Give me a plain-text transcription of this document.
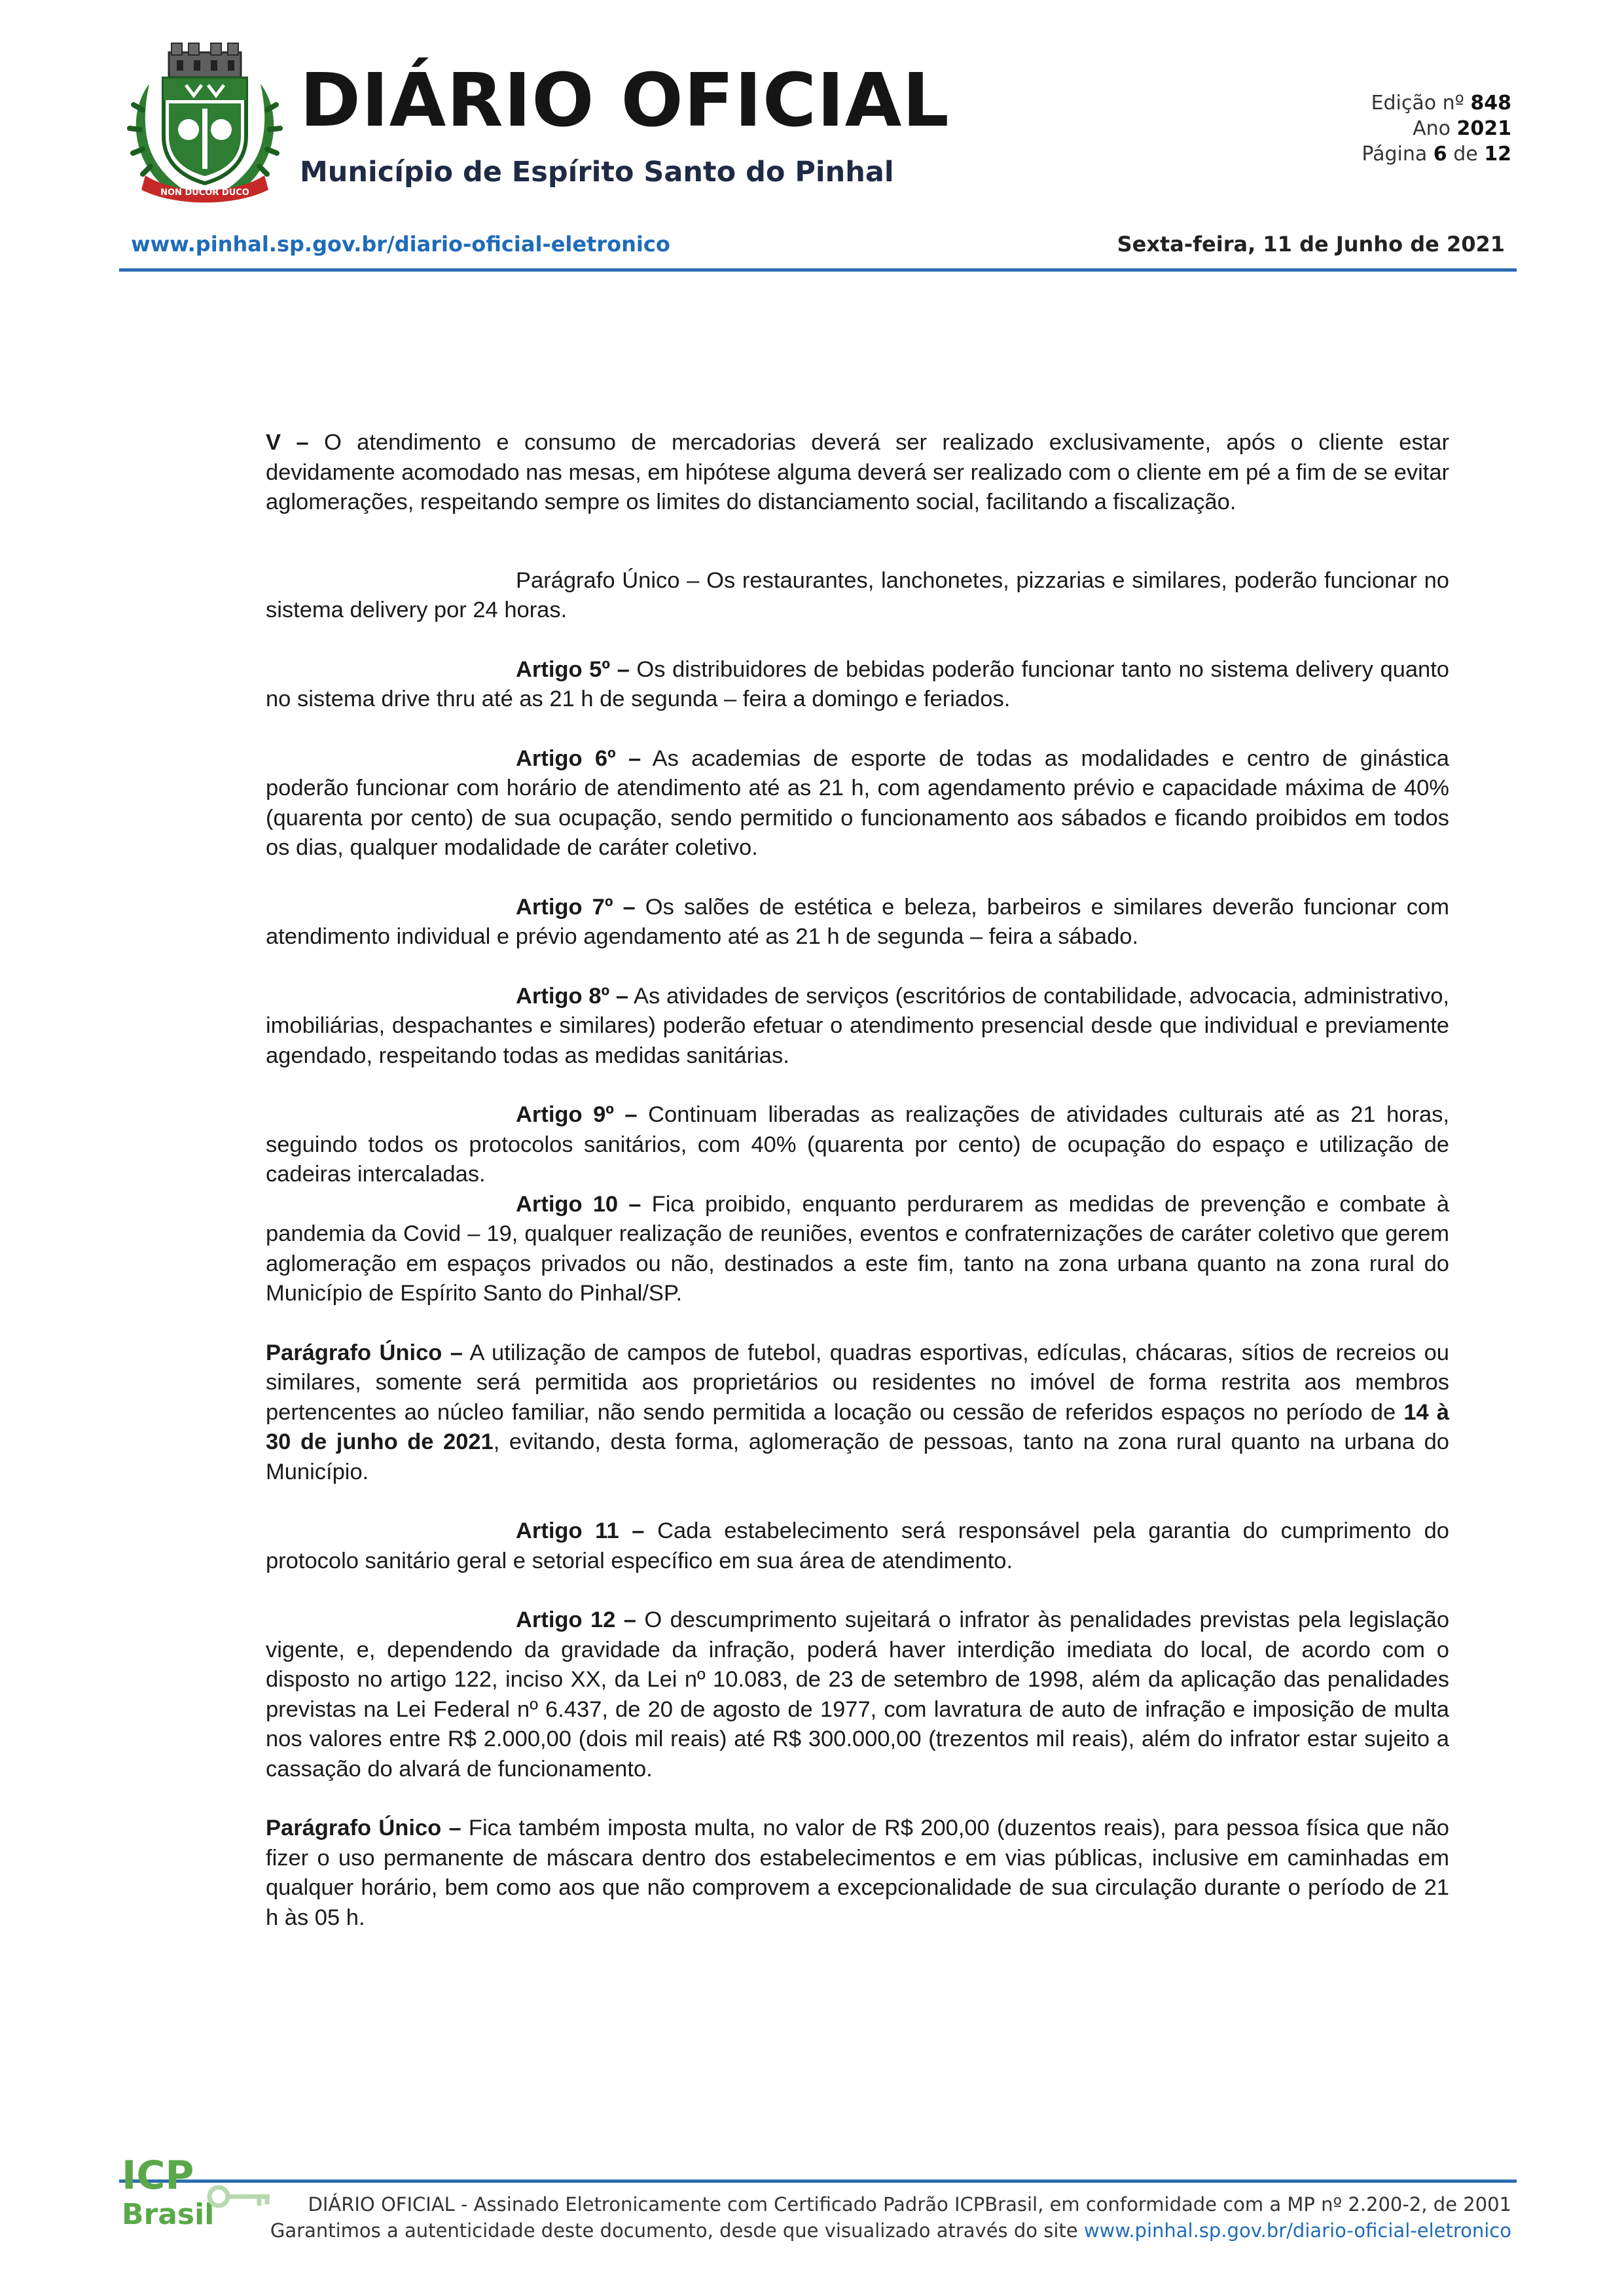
NON DUCOR DUCO
DIÁRIO OFICIAL
Município de Espírito Santo do Pinhal
Edição nº 848
Ano 2021
Página 6 de 12
www.pinhal.sp.gov.br/diario-oficial-eletronico	Sexta-feira, 11 de Junho de 2021

V – O atendimento e consumo de mercadorias deverá ser realizado exclusivamente, após o cliente estar devidamente acomodado nas mesas, em hipótese alguma deverá ser realizado com o cliente em pé a fim de se evitar aglomerações, respeitando sempre os limites do distanciamento social, facilitando a fiscalização.

Parágrafo Único – Os restaurantes, lanchonetes, pizzarias e similares, poderão funcionar no sistema delivery por 24 horas.

Artigo 5º – Os distribuidores de bebidas poderão funcionar tanto no sistema delivery quanto no sistema drive thru até as 21 h de segunda – feira a domingo e feriados.

Artigo 6º – As academias de esporte de todas as modalidades e centro de ginástica poderão funcionar com horário de atendimento até as 21 h, com agendamento prévio e capacidade máxima de 40% (quarenta por cento) de sua ocupação, sendo permitido o funcionamento aos sábados e ficando proibidos em todos os dias, qualquer modalidade de caráter coletivo.

Artigo 7º – Os salões de estética e beleza, barbeiros e similares deverão funcionar com atendimento individual e prévio agendamento até as 21 h de segunda – feira a sábado.

Artigo 8º – As atividades de serviços (escritórios de contabilidade, advocacia, administrativo, imobiliárias, despachantes e similares) poderão efetuar o atendimento presencial desde que individual e previamente agendado, respeitando todas as medidas sanitárias.

Artigo 9º – Continuam liberadas as realizações de atividades culturais até as 21 horas, seguindo todos os protocolos sanitários, com 40% (quarenta por cento) de ocupação do espaço e utilização de cadeiras intercaladas.

Artigo 10 – Fica proibido, enquanto perdurarem as medidas de prevenção e combate à pandemia da Covid – 19, qualquer realização de reuniões, eventos e confraternizações de caráter coletivo que gerem aglomeração em espaços privados ou não, destinados a este fim, tanto na zona urbana quanto na zona rural do Município de Espírito Santo do Pinhal/SP.

Parágrafo Único – A utilização de campos de futebol, quadras esportivas, edículas, chácaras, sítios de recreios ou similares, somente será permitida aos proprietários ou residentes no imóvel de forma restrita aos membros pertencentes ao núcleo familiar, não sendo permitida a locação ou cessão de referidos espaços no período de 14 à 30 de junho de 2021, evitando, desta forma, aglomeração de pessoas, tanto na zona rural quanto na urbana do Município.

Artigo 11 – Cada estabelecimento será responsável pela garantia do cumprimento do protocolo sanitário geral e setorial específico em sua área de atendimento.

Artigo 12 – O descumprimento sujeitará o infrator às penalidades previstas pela legislação vigente, e, dependendo da gravidade da infração, poderá haver interdição imediata do local, de acordo com o disposto no artigo 122, inciso XX, da Lei nº 10.083, de 23 de setembro de 1998, além da aplicação das penalidades previstas na Lei Federal nº 6.437, de 20 de agosto de 1977, com lavratura de auto de infração e imposição de multa nos valores entre R$ 2.000,00 (dois mil reais) até R$ 300.000,00 (trezentos mil reais), além do infrator estar sujeito a cassação do alvará de funcionamento.

Parágrafo Único – Fica também imposta multa, no valor de R$ 200,00 (duzentos reais), para pessoa física que não fizer o uso permanente de máscara dentro dos estabelecimentos e em vias públicas, inclusive em caminhadas em qualquer horário, bem como aos que não comprovem a excepcionalidade de sua circulação durante o período de 21 h às 05 h.

ICP
Brasil	DIÁRIO OFICIAL - Assinado Eletronicamente com Certificado Padrão ICPBrasil, em conformidade com a MP nº 2.200-2, de 2001
Garantimos a autenticidade deste documento, desde que visualizado através do site www.pinhal.sp.gov.br/diario-oficial-eletronico
